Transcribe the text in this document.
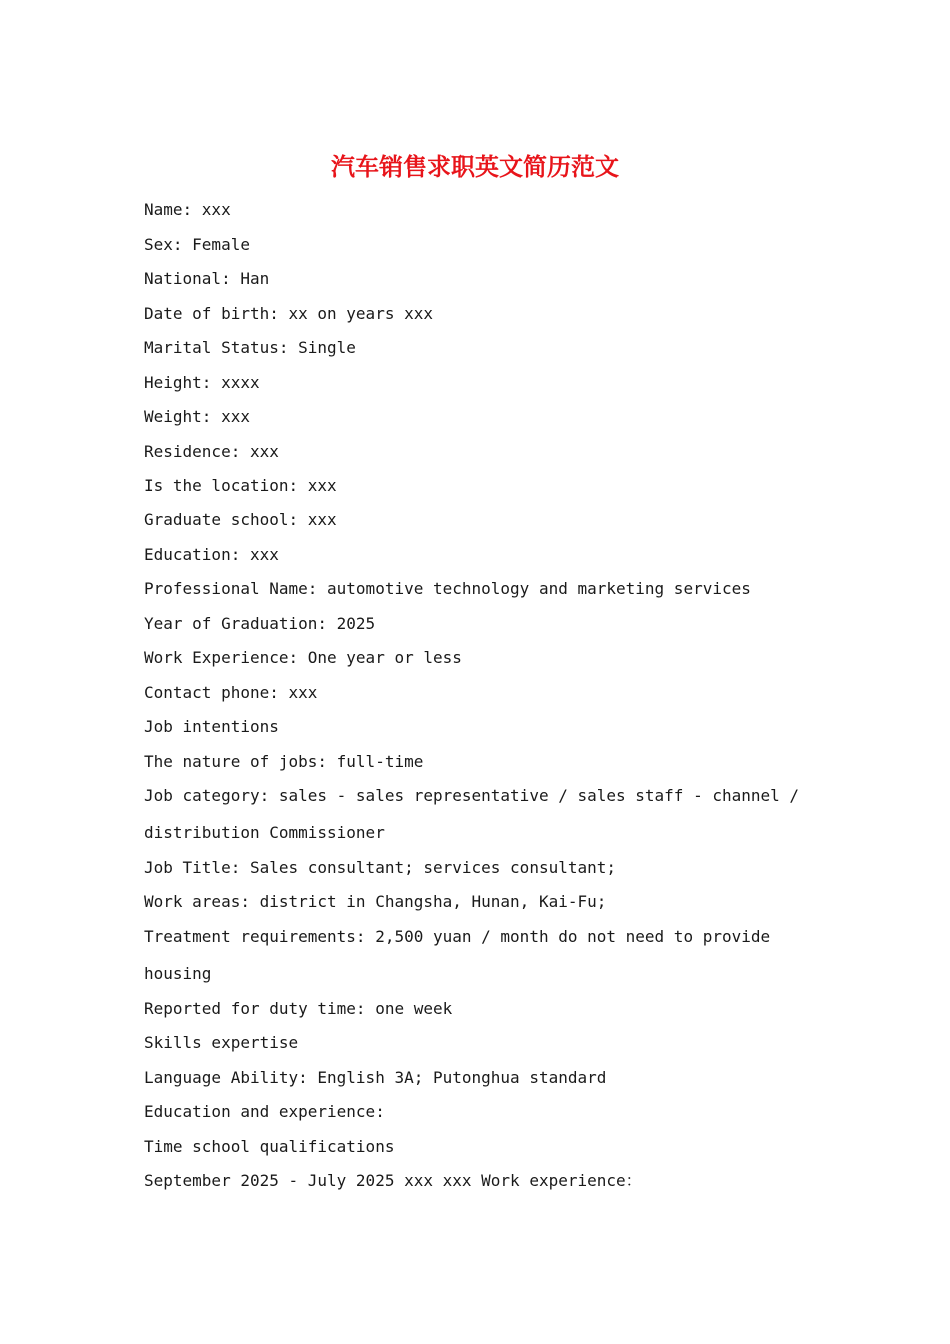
汽车销售求职英文简历范文
Name: xxx
Sex: Female
National: Han
Date of birth: xx on years xxx
Marital Status: Single
Height: xxxx
Weight: xxx
Residence: xxx
Is the location: xxx
Graduate school: xxx
Education: xxx
Professional Name: automotive technology and marketing services
Year of Graduation: 2025
Work Experience: One year or less
Contact phone: xxx
Job intentions
The nature of jobs: full-time
Job category: sales - sales representative / sales staff - channel /
distribution Commissioner
Job Title: Sales consultant; services consultant;
Work areas: district in Changsha, Hunan, Kai-Fu;
Treatment requirements: 2,500 yuan / month do not need to provide
housing
Reported for duty time: one week
Skills expertise
Language Ability: English 3A; Putonghua standard
Education and experience:
Time school qualifications
September 2025 - July 2025 xxx xxx Work experience：
